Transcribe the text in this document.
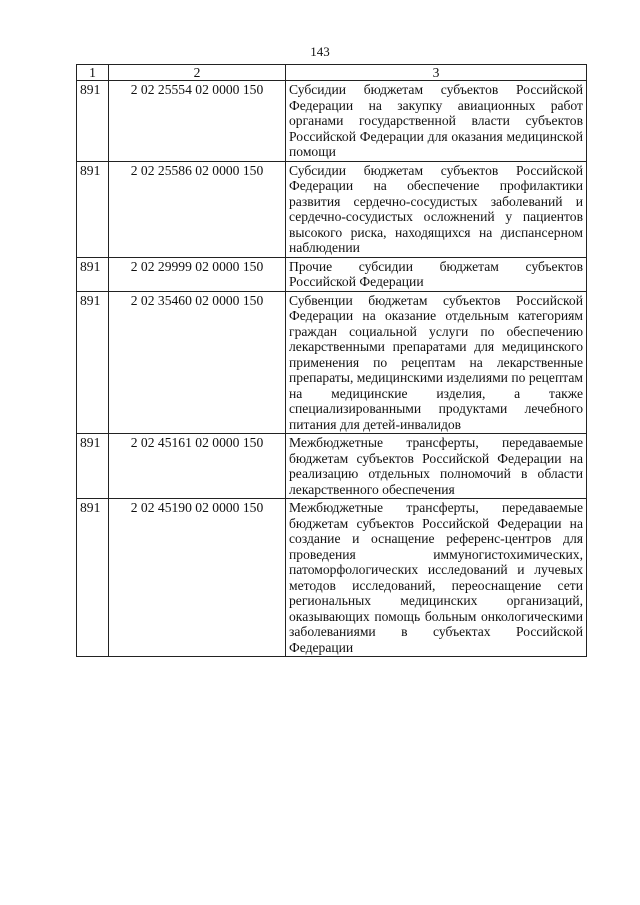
143
1	2	3
891	2 02 25554 02 0000 150	Субсидии бюджетам субъектов Российской Федерации на закупку авиационных работ органами государственной власти субъектов Российской Федерации для оказания медицинской помощи
891	2 02 25586 02 0000 150	Субсидии бюджетам субъектов Российской Федерации на обеспечение профилактики развития сердечно-сосудистых заболеваний и сердечно-сосудистых осложнений у пациентов высокого риска, находящихся на диспансерном наблюдении
891	2 02 29999 02 0000 150	Прочие субсидии бюджетам субъектов Российской Федерации
891	2 02 35460 02 0000 150	Субвенции бюджетам субъектов Российской Федерации на оказание отдельным категориям граждан социальной услуги по обеспечению лекарственными препаратами для медицинского применения по рецептам на лекарственные препараты, медицинскими изделиями по рецептам на медицинские изделия, а также специализированными продуктами лечебного питания для детей-инвалидов
891	2 02 45161 02 0000 150	Межбюджетные трансферты, передаваемые бюджетам субъектов Российской Федерации на реализацию отдельных полномочий в области лекарственного обеспечения
891	2 02 45190 02 0000 150	Межбюджетные трансферты, передаваемые бюджетам субъектов Российской Федерации на создание и оснащение референс-центров для проведения иммуногистохимических, патоморфологических исследований и лучевых методов исследований, переоснащение сети региональных медицинских организаций, оказывающих помощь больным онкологическими заболеваниями в субъектах Российской Федерации
